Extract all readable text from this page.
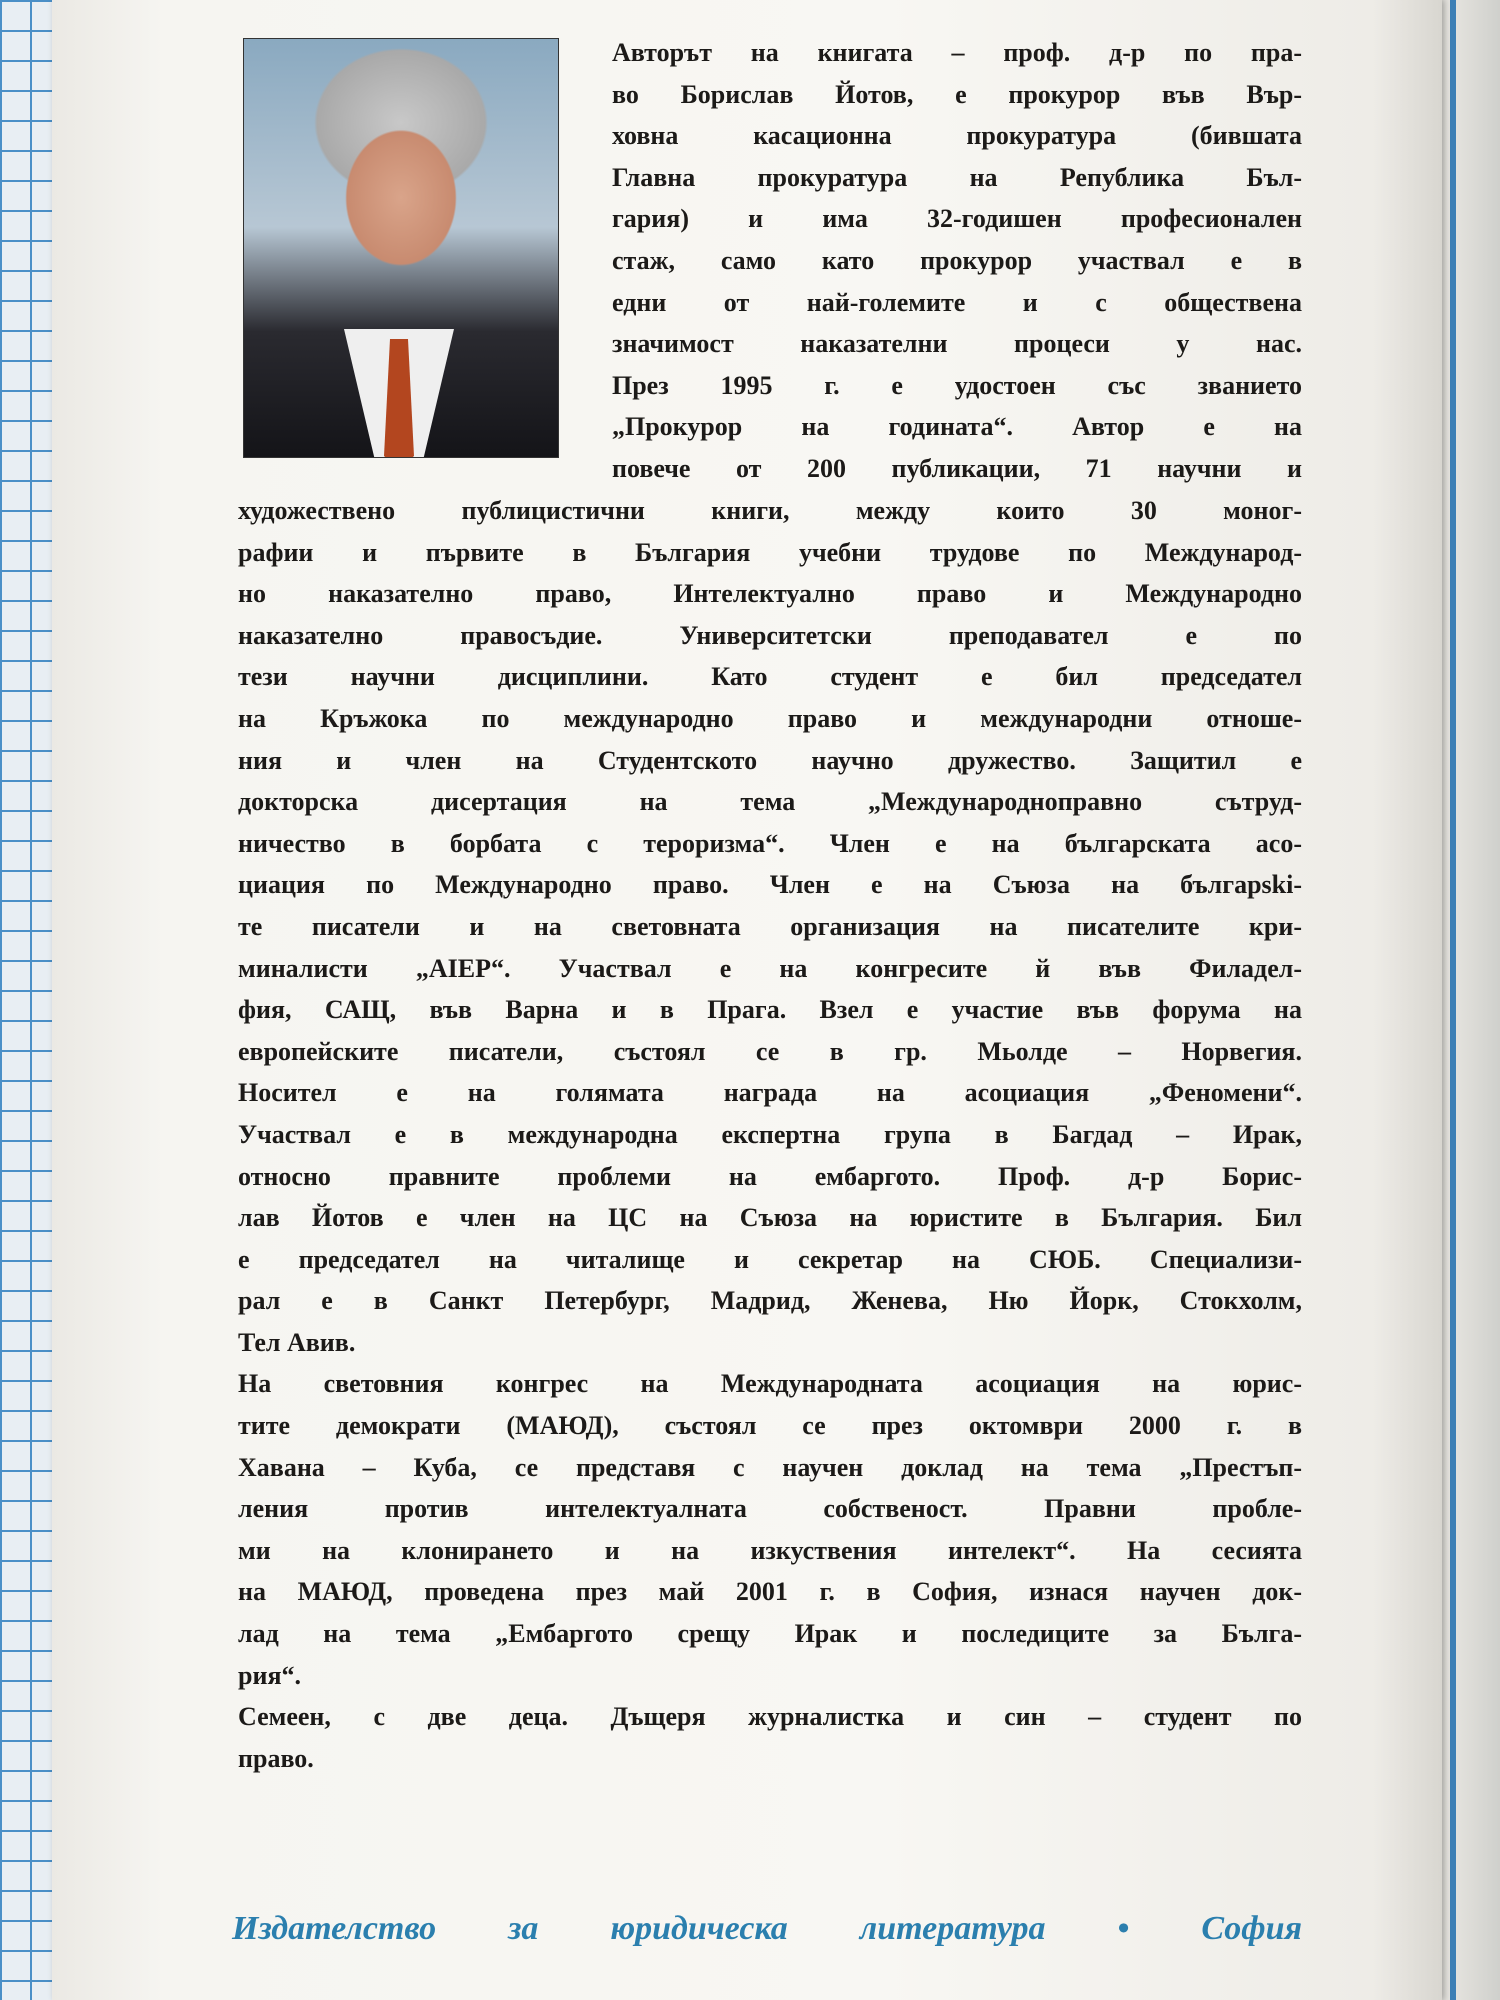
Авторът на книгата – проф. д-р по пра-
во Борислав Йотов, е прокурор във Вър-
ховна касационна прокуратура (бившата
Главна прокуратура на Република Бъл-
гария) и има 32-годишен професионален
стаж, само като прокурор участвал е в
едни от най-големите и с обществена
значимост наказателни процеси у нас.
През 1995 г. е удостоен със званието
„Прокурор на годината“. Автор е на
повече от 200 публикации, 71 научни и
художествено публицистични книги, между които 30 моног-
рафии и първите в България учебни трудове по Международ-
но наказателно право, Интелектуално право и Международно
наказателно правосъдие. Университетски преподавател е по
тези научни дисциплини. Като студент е бил председател
на Кръжока по международно право и международни отноше-
ния и член на Студентското научно дружество. Защитил е
докторска дисертация на тема „Международноправно сътруд-
ничество в борбата с тероризма“. Член е на българската асо-
циация по Международно право. Член е на Съюза на българski-
те писатели и на световната организация на писателите кри-
миналисти „AIEP“. Участвал е на конгресите й във Филадел-
фия, САЩ, във Варна и в Прага. Взел е участие във форума на
европейските писатели, състоял се в гр. Мьолде – Норвегия.
Носител е на голямата награда на асоциация „Феномени“.
Участвал е в международна експертна група в Багдад – Ирак,
относно правните проблеми на ембаргото. Проф. д-р Борис-
лав Йотов е член на ЦС на Съюза на юристите в България. Бил
е председател на читалище и секретар на СЮБ. Специализи-
рал е в Санкт Петербург, Мадрид, Женева, Ню Йорк, Стокхолм,
Тел Авив.
На световния конгрес на Международната асоциация на юрис-
тите демократи (МАЮД), състоял се през октомври 2000 г. в
Хавана – Куба, се представя с научен доклад на тема „Престъп-
ления против интелектуалната собственост. Правни пробле-
ми на клонирането и на изкуствения интелект“. На сесията
на МАЮД, проведена през май 2001 г. в София, изнася научен док-
лад на тема „Ембаргото срещу Ирак и последиците за Бълга-
рия“.
Семеен, с две деца. Дъщеря журналистка и син – студент по
право.
Издателство за юридическа литература • София
